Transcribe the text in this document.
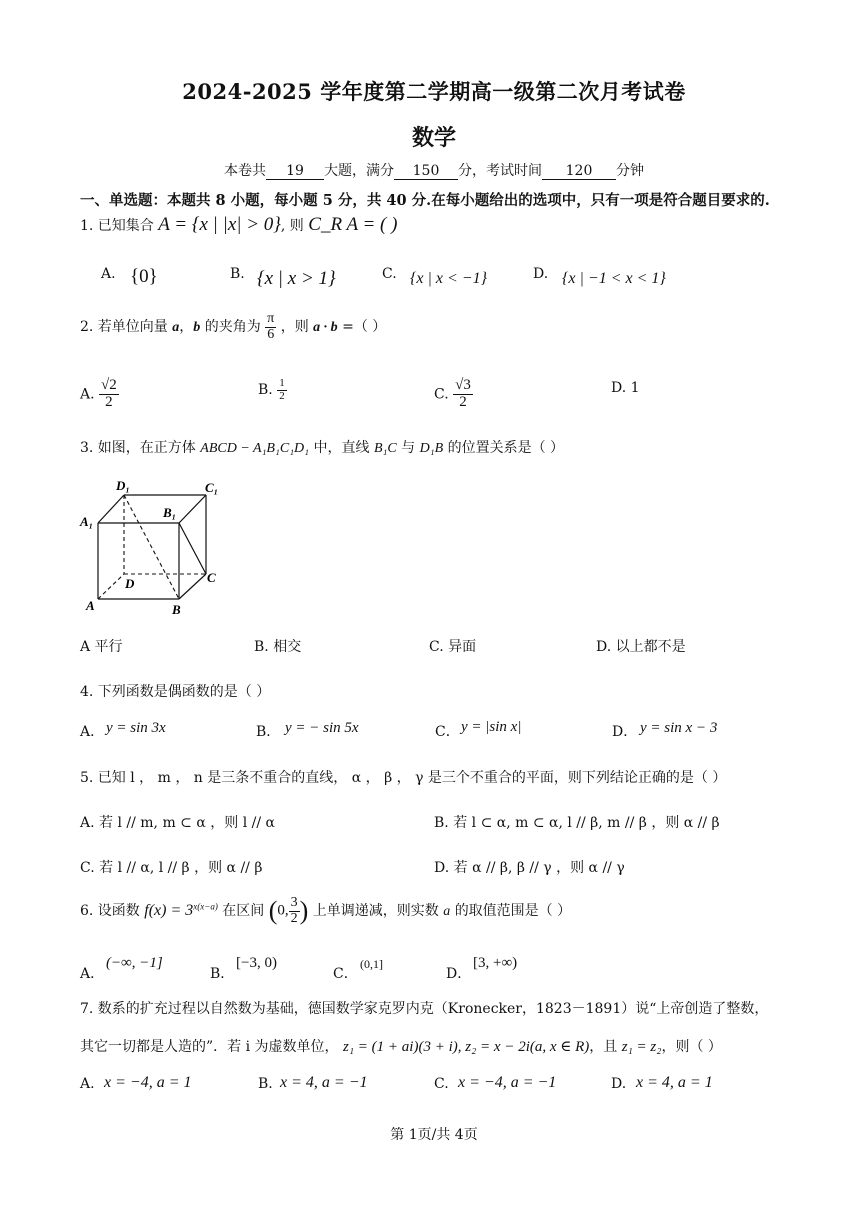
2024-2025 学年度第二学期高一级第二次月考试卷
数学
本卷共 19 大题，满分 150 分，考试时间 120 分钟
一、单选题：本题共 8 小题，每小题 5 分，共 40 分.在每小题给出的选项中，只有一项是符合题目要求的.
1. 已知集合 A = {x | |x| > 0}, 则 C_R A = ( )
A. {0}	B. {x | x > 1}	C. {x | x < −1}	D. {x | −1 < x < 1}
2. 若单位向量 a，b 的夹角为 $\frac{\pi}{6}$ ，则 a · b =（ ）
A. $\frac{√2}{2}$	B. $\frac{1}{2}$	C. $\frac{√3}{2}$	D. 1
3. 如图，在正方体 ABCD − A₁B₁C₁D₁ 中，直线 B₁C 与 D₁B 的位置关系是（ ）
D₁	C₁
A₁
B₁
D	C
A	B
A 平行	B. 相交	C. 异面	D. 以上都不是
4. 下列函数是偶函数的是（ ）
A． y = sin 3x	B． y = − sin 5x	C． y = |sin x|	D． y = sin x − 3
5. 已知 l ， m ， n 是三条不重合的直线， α ， β ， γ 是三个不重合的平面，则下列结论正确的是（ ）
A. 若 l // m, m ⊂ α ，则 l // α	B. 若 l ⊂ α, m ⊂ α, l // β, m // β ，则 α // β
C. 若 l // α, l // β ，则 α // β	D. 若 α // β, β // γ ，则 α // γ
6. 设函数 $f(x) = 3^{x(x-a)}$ 在区间 (0, $\frac{3}{2}$ ) 上单调递减，则实数 a 的取值范围是（ ）
A．
(−∞, −1]
B．
[−3, 0)
C．
(0,1]
D．
[3, +∞)
7. 数系的扩充过程以自然数为基础，德国数学家克罗内克（Kronecker，1823－1891）说“上帝创造了整数，
其它一切都是人造的”．若 i 为虚数单位， z₁ = (1 + ai)(3 + i), z₂ = x − 2i(a, x ∈ R)，且 z₁ = z₂，则（ ）
A. x = −4, a = 1	B. x = 4, a = −1	C. x = −4, a = −1	D. x = 4, a = 1
第 1页/共 4页
